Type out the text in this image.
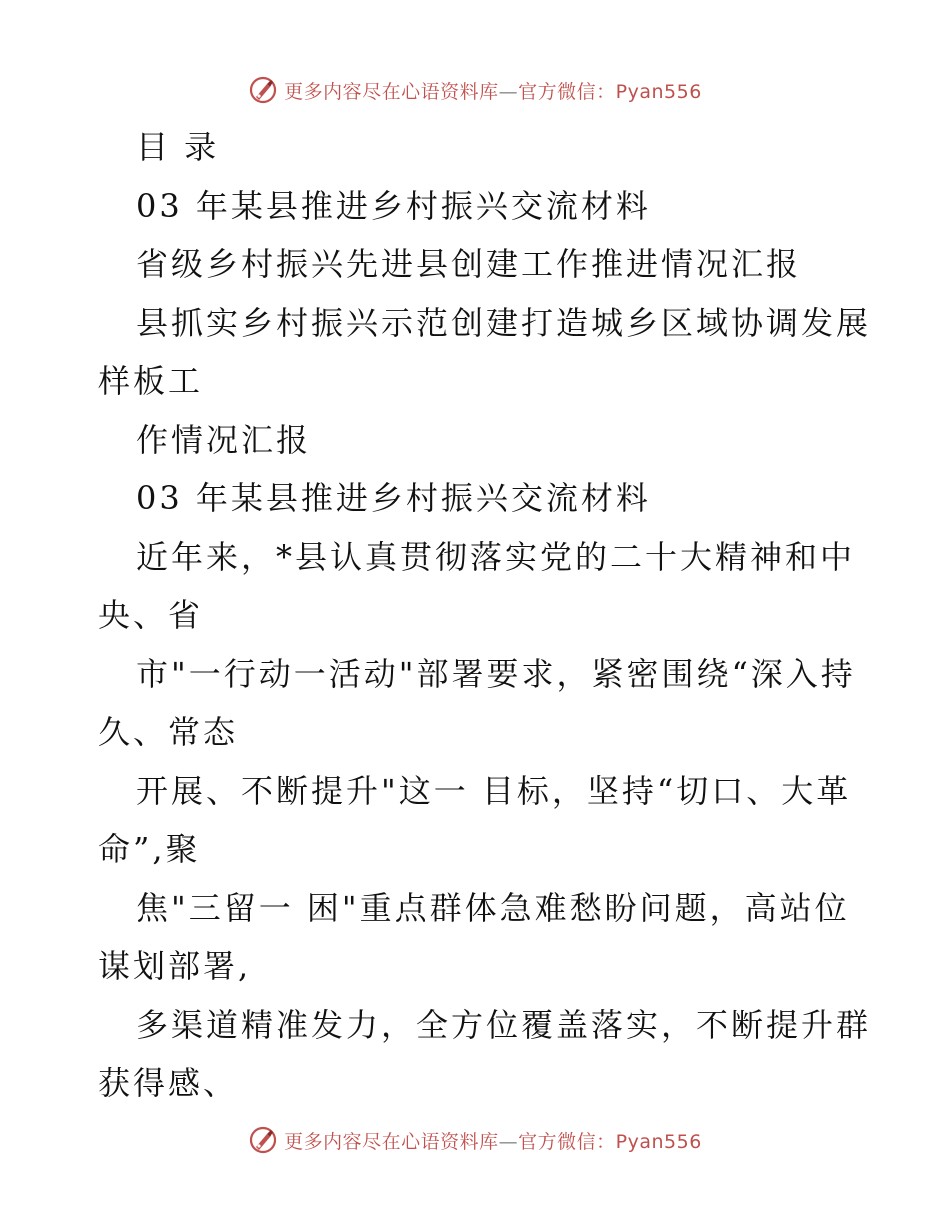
更多内容尽在心语资料库—官方微信：Pyan556

目 录

03 年某县推进乡村振兴交流材料

省级乡村振兴先进县创建工作推进情况汇报

县抓实乡村振兴示范创建打造城乡区域协调发展

样板工

作情况汇报

03 年某县推进乡村振兴交流材料

近年来，*县认真贯彻落实党的二十大精神和中

央、省

市"一行动一活动"部署要求，紧密围绕“深入持

久、常态

开展、不断提升"这一 目标，坚持“切口、大革

命”,聚

焦"三留一 困"重点群体急难愁盼问题，高站位

谋划部署,

多渠道精准发力，全方位覆盖落实，不断提升群

获得感、

更多内容尽在心语资料库—官方微信：Pyan556
